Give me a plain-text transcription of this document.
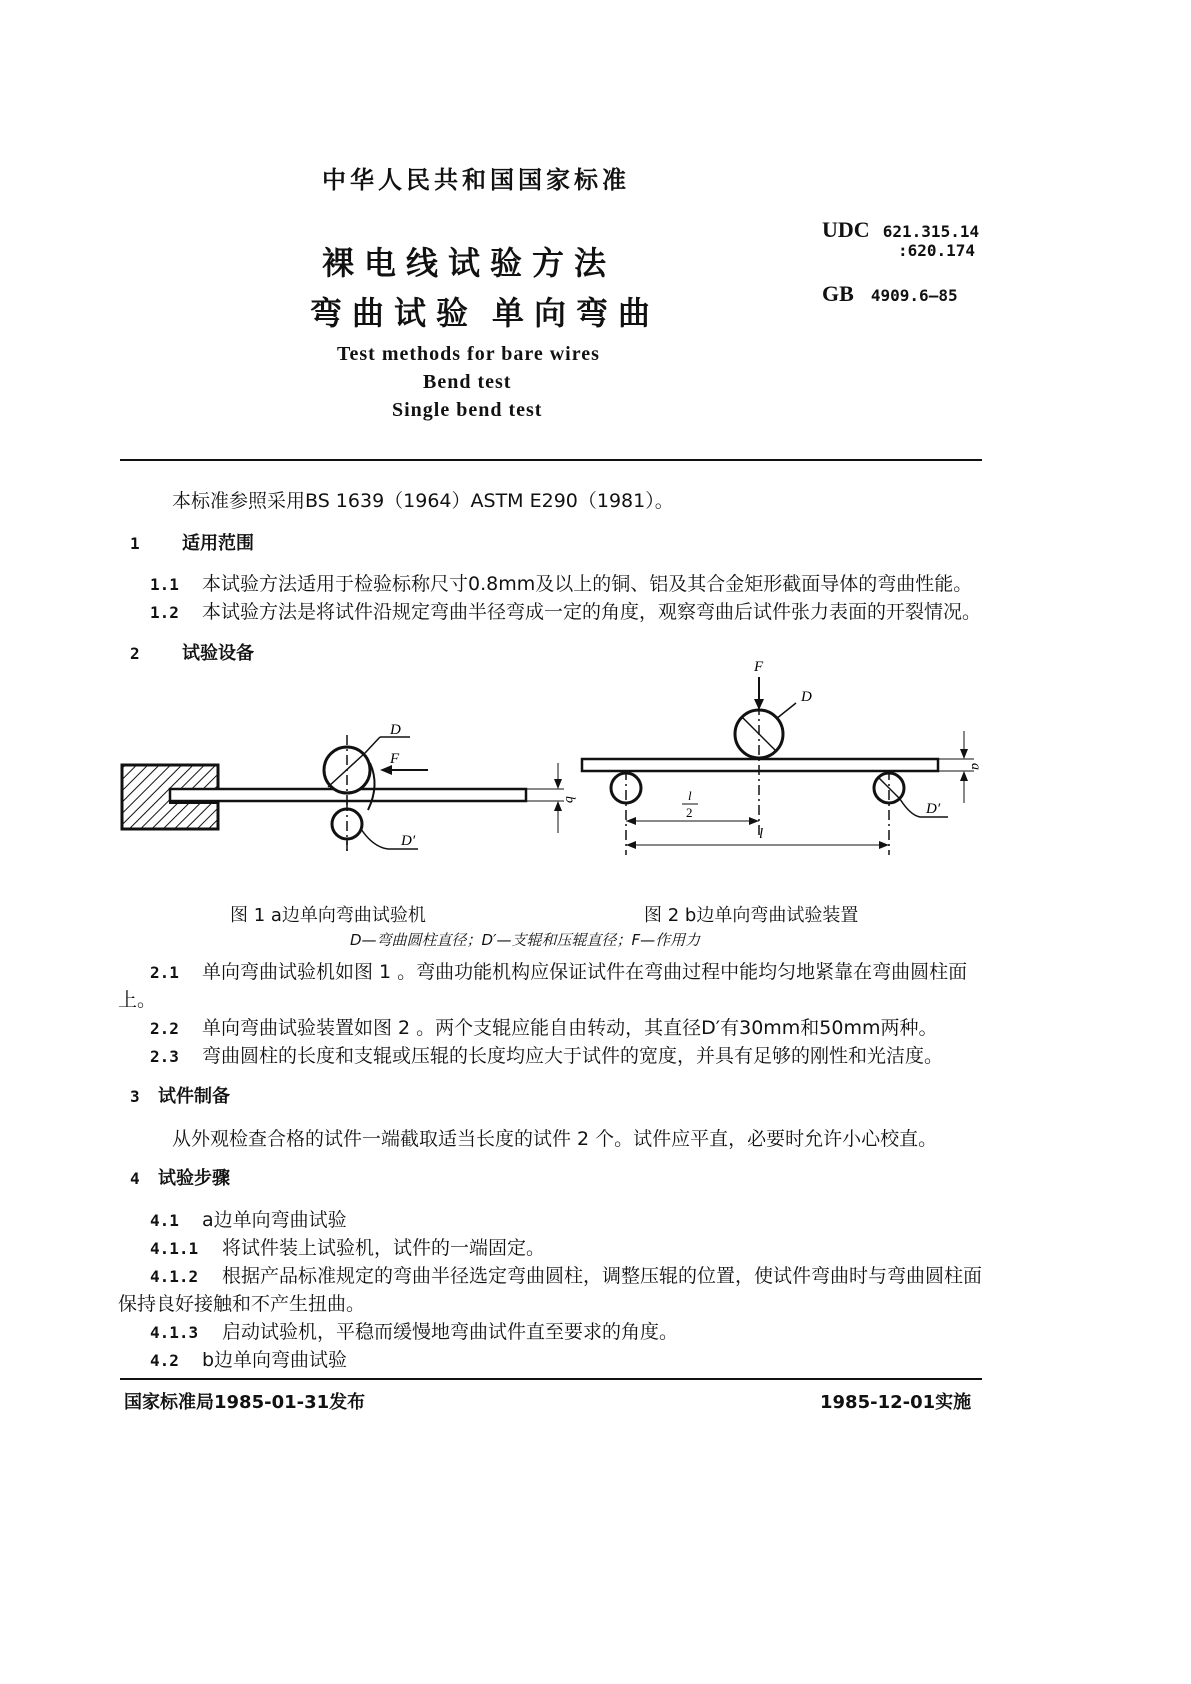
中华人民共和国国家标准
裸电线试验方法
弯曲试验 单向弯曲
UDC 621.315.14
:620.174
GB 4909.6—85
Test methods for bare wires
Bend test
Single bend test
本标准参照采用BS 1639（1964）ASTM E290（1981）。
1 适用范围
1.1 本试验方法适用于检验标称尺寸0.8mm及以上的铜、铝及其合金矩形截面导体的弯曲性能。
1.2 本试验方法是将试件沿规定弯曲半径弯成一定的角度，观察弯曲后试件张力表面的开裂情况。
2 试验设备
D
D′
F
b
D
F
D′
l
2
l
a
图 1 a边单向弯曲试验机	图 2 b边单向弯曲试验装置
D—弯曲圆柱直径；D′—支辊和压辊直径；F—作用力
2.1 单向弯曲试验机如图 1 。弯曲功能机构应保证试件在弯曲过程中能均匀地紧靠在弯曲圆柱面
上。
2.2 单向弯曲试验装置如图 2 。两个支辊应能自由转动，其直径D′有30mm和50mm两种。
2.3 弯曲圆柱的长度和支辊或压辊的长度均应大于试件的宽度，并具有足够的刚性和光洁度。
3 试件制备
从外观检查合格的试件一端截取适当长度的试件 2 个。试件应平直，必要时允许小心校直。
4 试验步骤
4.1 a边单向弯曲试验
4.1.1 将试件装上试验机，试件的一端固定。
4.1.2 根据产品标准规定的弯曲半径选定弯曲圆柱，调整压辊的位置，使试件弯曲时与弯曲圆柱面
保持良好接触和不产生扭曲。
4.1.3 启动试验机，平稳而缓慢地弯曲试件直至要求的角度。
4.2 b边单向弯曲试验
国家标准局1985-01-31发布	1985-12-01实施
